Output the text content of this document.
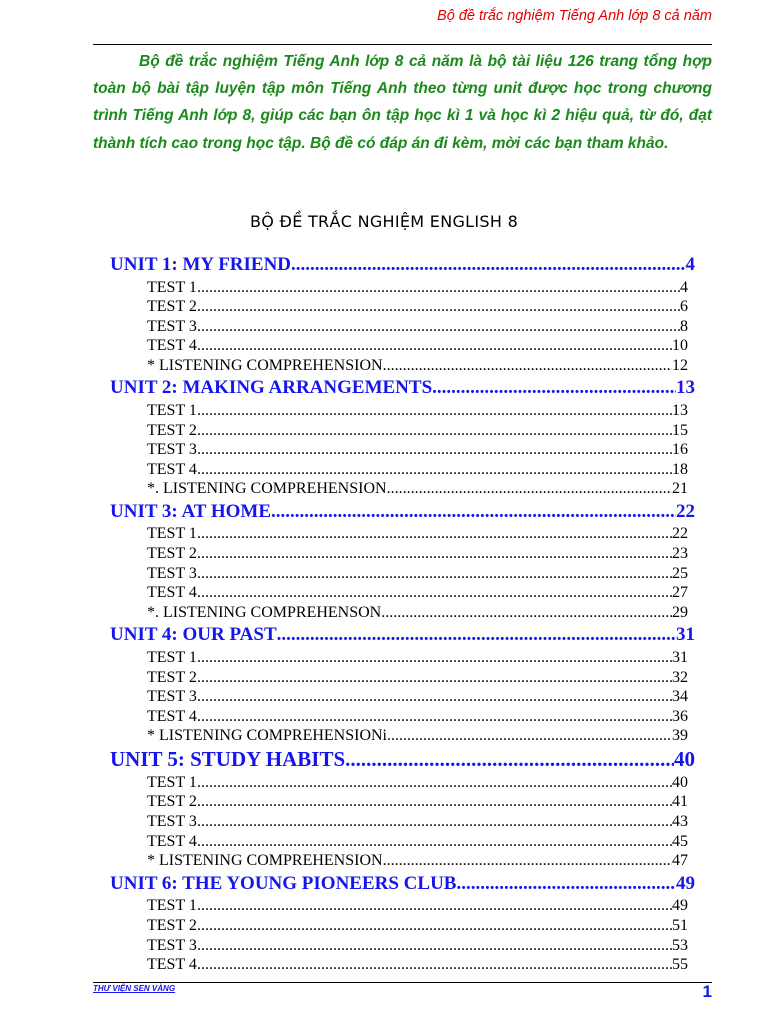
Bộ đề trắc nghiệm Tiếng Anh lớp 8 cả năm

Bộ đề trắc nghiệm Tiếng Anh lớp 8 cả năm là bộ tài liệu 126 trang tổng hợp toàn bộ bài tập luyện tập môn Tiếng Anh theo từng unit được học trong chương trình Tiếng Anh lớp 8, giúp các bạn ôn tập học kì 1 và học kì 2 hiệu quả, từ đó, đạt thành tích cao trong học tập. Bộ đề có đáp án đi kèm, mời các bạn tham khảo.

BỘ ĐỀ TRẮC NGHIỆM ENGLISH 8
UNIT 1: MY FRIEND .....	4
TEST 1 .....	4
TEST 2 .....	6
TEST 3 .....	8
TEST 4 .....	10
* LISTENING COMPREHENSION .....	12
UNIT 2: MAKING ARRANGEMENTS .....	13
TEST 1 .....	13
TEST 2 .....	15
TEST 3 .....	16
TEST 4 .....	18
*. LISTENING COMPREHENSION .....	21
UNIT 3: AT HOME .....	22
TEST 1 .....	22
TEST 2 .....	23
TEST 3 .....	25
TEST 4 .....	27
*. LISTENING COMPREHENSON .....	29
UNIT 4: OUR PAST .....	31
TEST 1 .....	31
TEST 2 .....	32
TEST 3 .....	34
TEST 4 .....	36
* LISTENING COMPREHENSIONi .....	39
UNIT 5: STUDY HABITS .....	40
TEST 1 .....	40
TEST 2 .....	41
TEST 3 .....	43
TEST 4 .....	45
* LISTENING COMPREHENSION .....	47
UNIT 6: THE YOUNG PIONEERS CLUB .....	49
TEST 1 .....	49
TEST 2 .....	51
TEST 3 .....	53
TEST 4 .....	55
THƯ VIỆN SEN VÀNG	1
